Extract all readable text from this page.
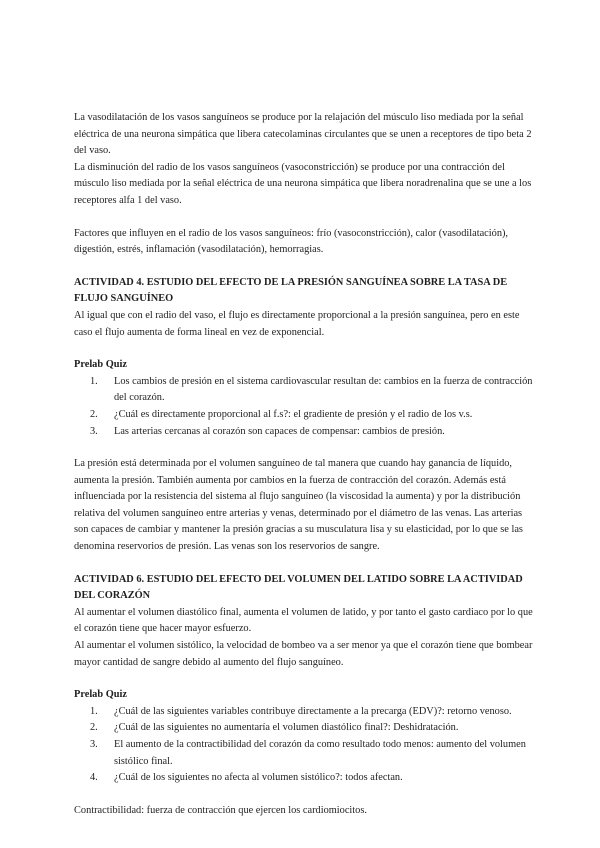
La vasodilatación de los vasos sanguíneos se produce por la relajación del músculo liso mediada por la señal eléctrica de una neurona simpática que libera catecolaminas circulantes que se unen a receptores de tipo beta 2 del vaso.

La disminución del radio de los vasos sanguíneos (vasoconstricción) se produce por una contracción del músculo liso mediada por la señal eléctrica de una neurona simpática que libera noradrenalina que se une a los receptores alfa 1 del vaso.

Factores que influyen en el radio de los vasos sanguíneos: frío (vasoconstricción), calor (vasodilatación), digestión, estrés, inflamación (vasodilatación), hemorragias.

ACTIVIDAD 4. ESTUDIO DEL EFECTO DE LA PRESIÓN SANGUÍNEA SOBRE LA TASA DE FLUJO SANGUÍNEO

Al igual que con el radio del vaso, el flujo es directamente proporcional a la presión sanguínea, pero en este caso el flujo aumenta de forma lineal en vez de exponencial.

Prelab Quiz

1. Los cambios de presión en el sistema cardiovascular resultan de: cambios en la fuerza de contracción del corazón.
2. ¿Cuál es directamente proporcional al f.s?: el gradiente de presión y el radio de los v.s.
3. Las arterias cercanas al corazón son capaces de compensar: cambios de presión.

La presión está determinada por el volumen sanguíneo de tal manera que cuando hay ganancia de líquido, aumenta la presión. También aumenta por cambios en la fuerza de contracción del corazón. Además está influenciada por la resistencia del sistema al flujo sanguíneo (la viscosidad la aumenta) y por la distribución relativa del volumen sanguíneo entre arterias y venas, determinado por el diámetro de las venas. Las arterias son capaces de cambiar y mantener la presión gracias a su musculatura lisa y su elasticidad, por lo que se las denomina reservorios de presión. Las venas son los reservorios de sangre.

ACTIVIDAD 6. ESTUDIO DEL EFECTO DEL VOLUMEN DEL LATIDO SOBRE LA ACTIVIDAD DEL CORAZÓN

Al aumentar el volumen diastólico final, aumenta el volumen de latido, y por tanto el gasto cardiaco por lo que el corazón tiene que hacer mayor esfuerzo.

Al aumentar el volumen sistólico, la velocidad de bombeo va a ser menor ya que el corazón tiene que bombear mayor cantidad de sangre debido al aumento del flujo sanguíneo.

Prelab Quiz

1. ¿Cuál de las siguientes variables contribuye directamente a la precarga (EDV)?: retorno venoso.
2. ¿Cuál de las siguientes no aumentaría el volumen diastólico final?: Deshidratación.
3. El aumento de la contractibilidad del corazón da como resultado todo menos: aumento del volumen sistólico final.
4. ¿Cuál de los siguientes no afecta al volumen sistólico?: todos afectan.

Contractibilidad: fuerza de contracción que ejercen los cardiomiocitos.
